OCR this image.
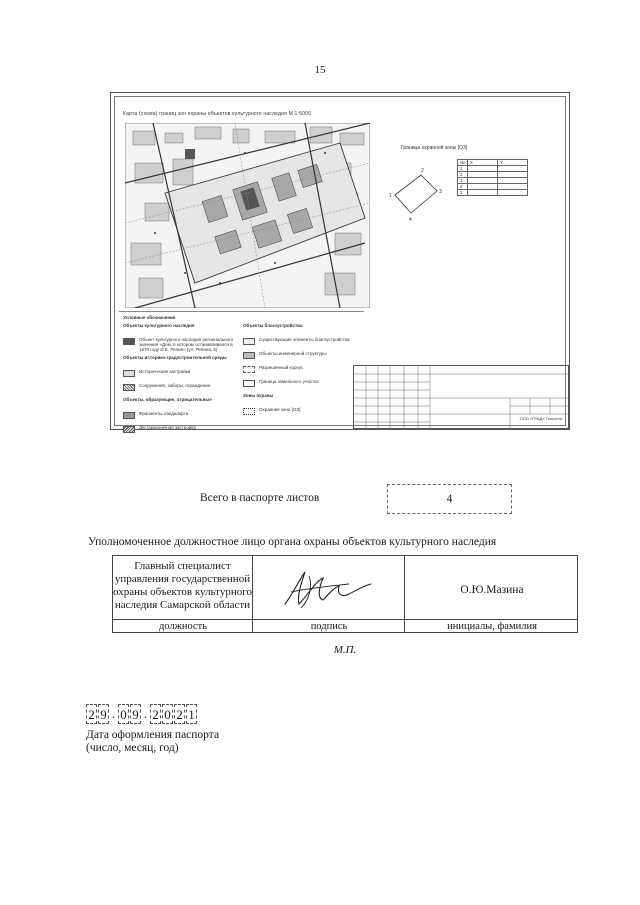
15
Карта (схема) границ зон охраны объектов культурного наследия М 1:5000
Граница охранной зоны [ОЗ]
1
2
3
4
№	X	Y
1		
2		
3		
4		
1		
Условные обозначения
Объекты культурного наследия
Объект культурного наследия регионального значения «Дом, в котором останавливался в 1870 году И.Е. Репин» (ул. Репина, 6)
Объекты историко-градостроительной среды
Исторические застройки
Сооружения, заборы, ограждения
Объекты, образующие, отрицательные
Фрагменты ландшафта
Дисгармоничная застройка
Объекты благоустройства
Существующие элементы благоустройства
Объекты инженерной структуры
Разрешённый корпус
Граница земельного участка
Зоны охраны
Охранная зона [ОЗ]
ООО «ГРАД» Тольятти
Всего в паспорте листов	4
Уполномоченное должностное лицо органа охраны объектов культурного наследия
Главный специалист управления государственной охраны объектов культурного наследия Самарской области
О.Ю.Мазина
должность	подпись	инициалы, фамилия
М.П.
2 9 . 0 9 . 2 0 2 1
Дата оформления паспорта
(число, месяц, год)
